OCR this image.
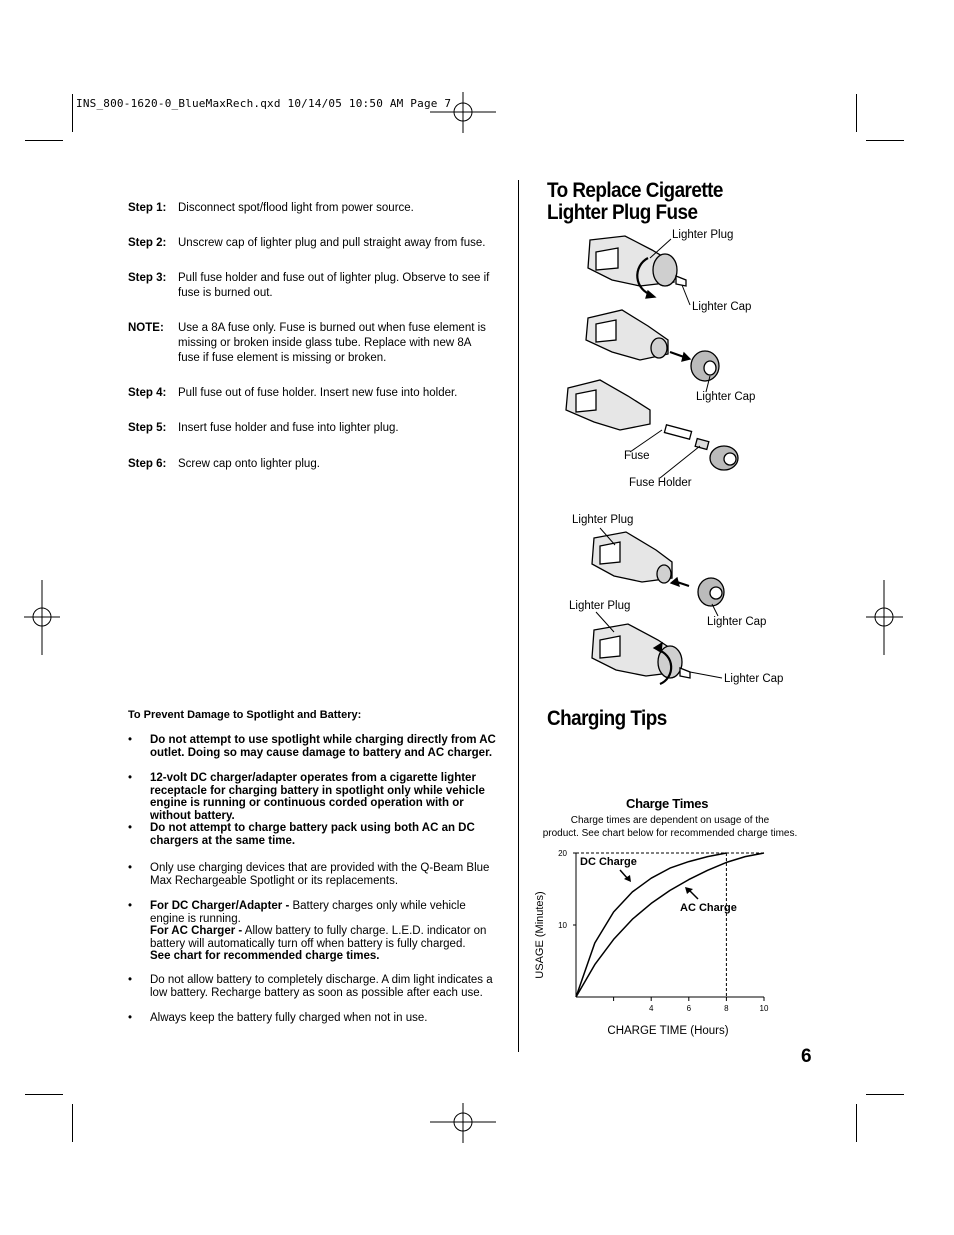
INS_800-1620-0_BlueMaxRech.qxd 10/14/05 10:50 AM Page 7
Step 1: Disconnect spot/flood light from power source.
Step 2: Unscrew cap of lighter plug and pull straight away from fuse.
Step 3: Pull fuse holder and fuse out of lighter plug. Observe to see if fuse is burned out.
NOTE: Use a 8A fuse only. Fuse is burned out when fuse element is missing or broken inside glass tube. Replace with new 8A fuse if fuse element is missing or broken.
Step 4: Pull fuse out of fuse holder. Insert new fuse into holder.
Step 5: Insert fuse holder and fuse into lighter plug.
Step 6: Screw cap onto lighter plug.
To Prevent Damage to Spotlight and Battery:
• Do not attempt to use spotlight while charging directly from AC outlet. Doing so may cause damage to battery and AC charger.
• 12-volt DC charger/adapter operates from a cigarette lighter receptacle for charging battery in spotlight only while vehicle engine is running or continuous corded operation with or without battery.
• Do not attempt to charge battery pack using both AC an DC chargers at the same time.
• Only use charging devices that are provided with the Q-Beam Blue Max Rechargeable Spotlight or its replacements.
• For DC Charger/Adapter - Battery charges only while vehicle engine is running.
For AC Charger - Allow battery to fully charge. L.E.D. indicator on battery will automatically turn off when battery is fully charged.
See chart for recommended charge times.
• Do not allow battery to completely discharge. A dim light indicates a low battery. Recharge battery as soon as possible after each use.
• Always keep the battery fully charged when not in use.
To Replace Cigarette
Lighter Plug Fuse
Lighter Plug
Lighter Cap
Lighter Cap
Fuse
Fuse Holder
Lighter Plug
Lighter Cap
Lighter Plug
Lighter Cap
Charging Tips
Charge Times
Charge times are dependent on usage of the
product. See chart below for recommended charge times.
4	6	8	10
10
20
DC Charge
AC Charge
CHARGE TIME (Hours)
USAGE (Minutes)
6
